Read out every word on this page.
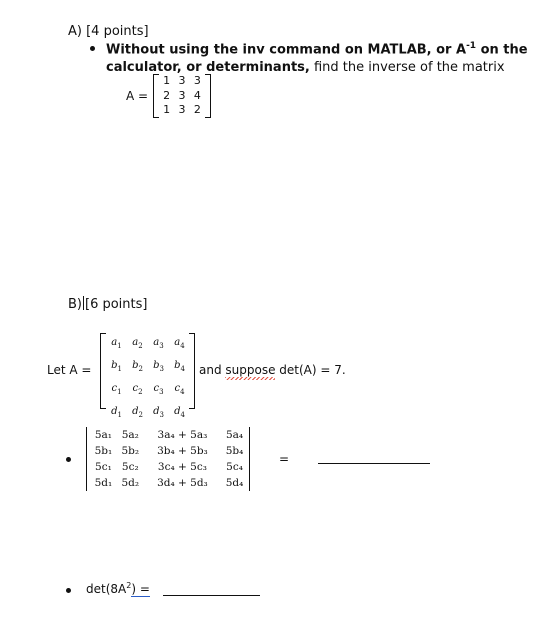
A) [4 points]
Without using the inv command on MATLAB, or $A^{-1}$ on the
calculator, or determinants, find the inverse of the matrix
A =
1	3	3
2	3	4
1	3	2
B) [6 points]
Let A =
$a_1$	$a_2$	$a_3$	$a_4$
$b_1$	$b_2$	$b_3$	$b_4$
$c_1$	$c_2$	$c_3$	$c_4$
$d_1$	$d_2$	$d_3$	$d_4$
and suppose
det(A) = 7.
5a₁	5a₂	3a₄ + 5a₃	5a₄
5b₁	5b₂	3b₄ + 5b₃	5b₄
5c₁	5c₂	3c₄ + 5c₃	5c₄
5d₁	5d₂	3d₄ + 5d₃	5d₄
=
$\det(8A^2)$ =
